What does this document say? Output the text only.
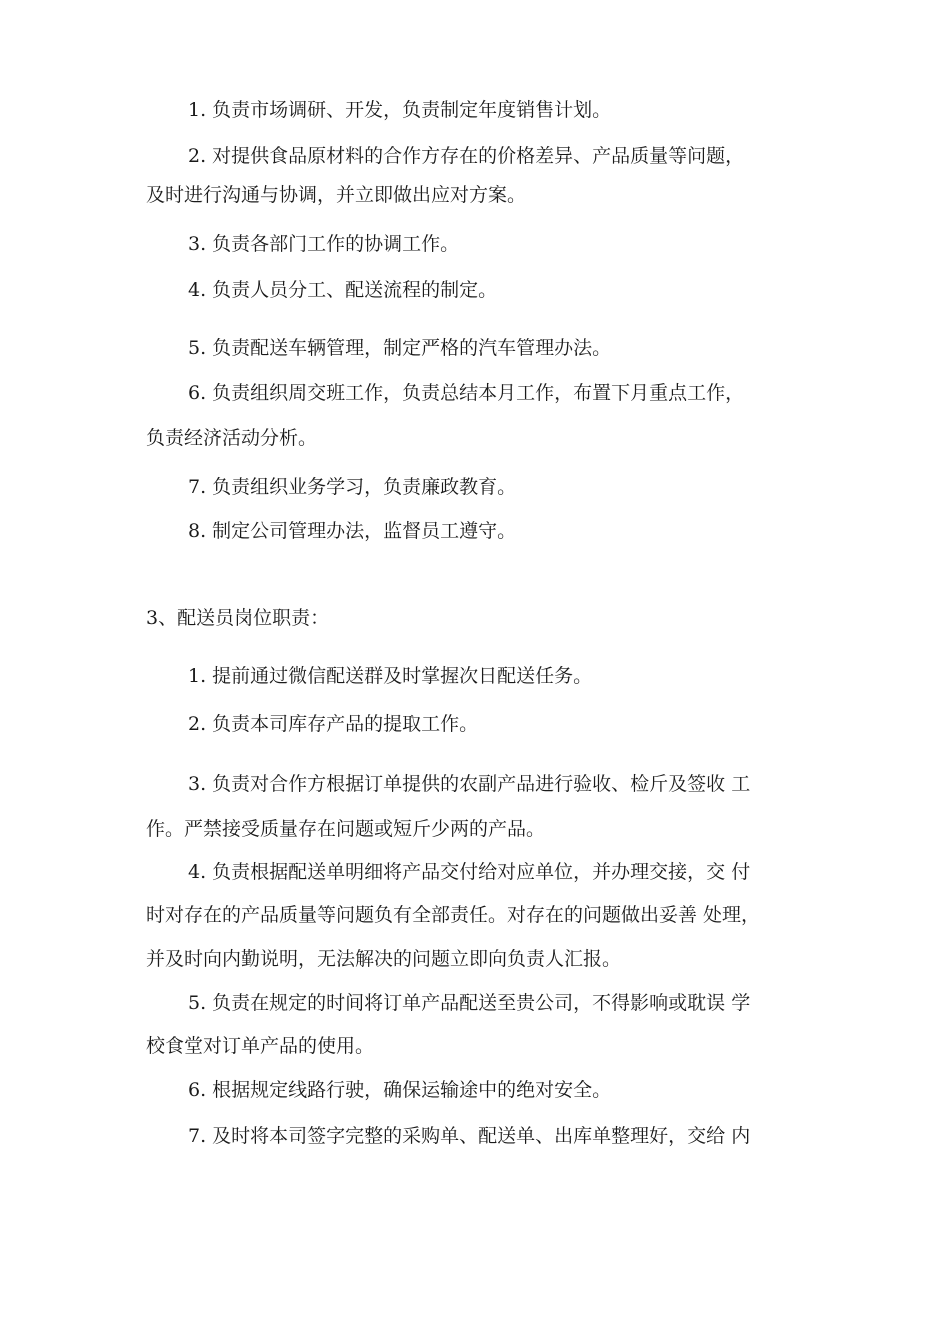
1. 负责市场调研、开发，负责制定年度销售计划。
2. 对提供食品原材料的合作方存在的价格差异、产品质量等问题，
及时进行沟通与协调，并立即做出应对方案。
3. 负责各部门工作的协调工作。
4. 负责人员分工、配送流程的制定。
5. 负责配送车辆管理，制定严格的汽车管理办法。
6. 负责组织周交班工作，负责总结本月工作，布置下月重点工作，
负责经济活动分析。
7. 负责组织业务学习，负责廉政教育。
8. 制定公司管理办法，监督员工遵守。
3、配送员岗位职责：
1. 提前通过微信配送群及时掌握次日配送任务。
2. 负责本司库存产品的提取工作。
3. 负责对合作方根据订单提供的农副产品进行验收、检斤及签收 工
作。严禁接受质量存在问题或短斤少两的产品。
4. 负责根据配送单明细将产品交付给对应单位，并办理交接，交 付
时对存在的产品质量等问题负有全部责任。对存在的问题做出妥善 处理，
并及时向内勤说明，无法解决的问题立即向负责人汇报。
5. 负责在规定的时间将订单产品配送至贵公司，不得影响或耽误 学
校食堂对订单产品的使用。
6. 根据规定线路行驶，确保运输途中的绝对安全。
7. 及时将本司签字完整的采购单、配送单、出库单整理好，交给 内
